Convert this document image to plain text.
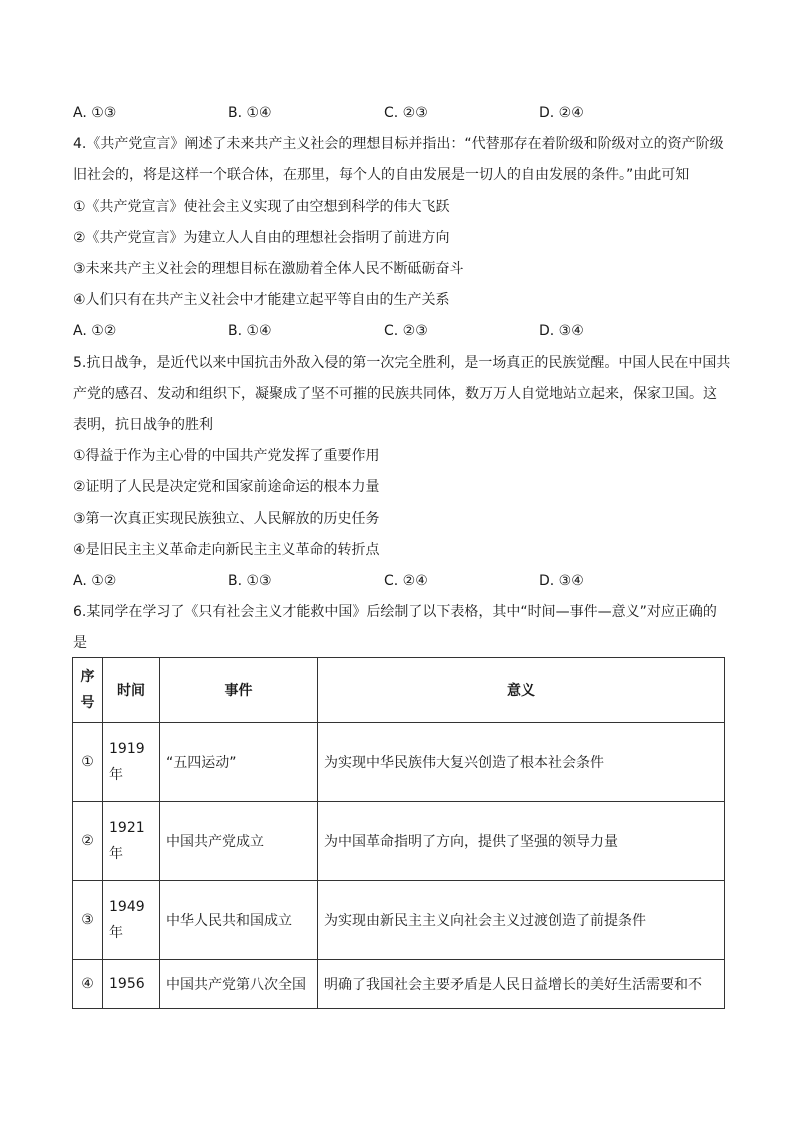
A. ①③	B. ①④	C. ②③	D. ②④
4.《共产党宣言》阐述了未来共产主义社会的理想目标并指出：“代替那存在着阶级和阶级对立的资产阶级
旧社会的，将是这样一个联合体，在那里，每个人的自由发展是一切人的自由发展的条件。”由此可知
①《共产党宣言》使社会主义实现了由空想到科学的伟大飞跃
②《共产党宣言》为建立人人自由的理想社会指明了前进方向
③未来共产主义社会的理想目标在激励着全体人民不断砥砺奋斗
④人们只有在共产主义社会中才能建立起平等自由的生产关系
A. ①②	B. ①④	C. ②③	D. ③④
5.抗日战争，是近代以来中国抗击外敌入侵的第一次完全胜利，是一场真正的民族觉醒。中国人民在中国共
产党的感召、发动和组织下，凝聚成了坚不可摧的民族共同体，数万万人自觉地站立起来，保家卫国。这
表明，抗日战争的胜利
①得益于作为主心骨的中国共产党发挥了重要作用
②证明了人民是决定党和国家前途命运的根本力量
③第一次真正实现民族独立、人民解放的历史任务
④是旧民主主义革命走向新民主主义革命的转折点
A. ①②	B. ①③	C. ②④	D. ③④
6.某同学在学习了《只有社会主义才能救中国》后绘制了以下表格，其中“时间—事件—意义”对应正确的
是
序
号	时间	事件	意义
①	1919
年	“五四运动”	为实现中华民族伟大复兴创造了根本社会条件
②	1921
年	中国共产党成立	为中国革命指明了方向，提供了坚强的领导力量
③	1949
年	中华人民共和国成立	为实现由新民主主义向社会主义过渡创造了前提条件
④	1956	中国共产党第八次全国	明确了我国社会主要矛盾是人民日益增长的美好生活需要和不
